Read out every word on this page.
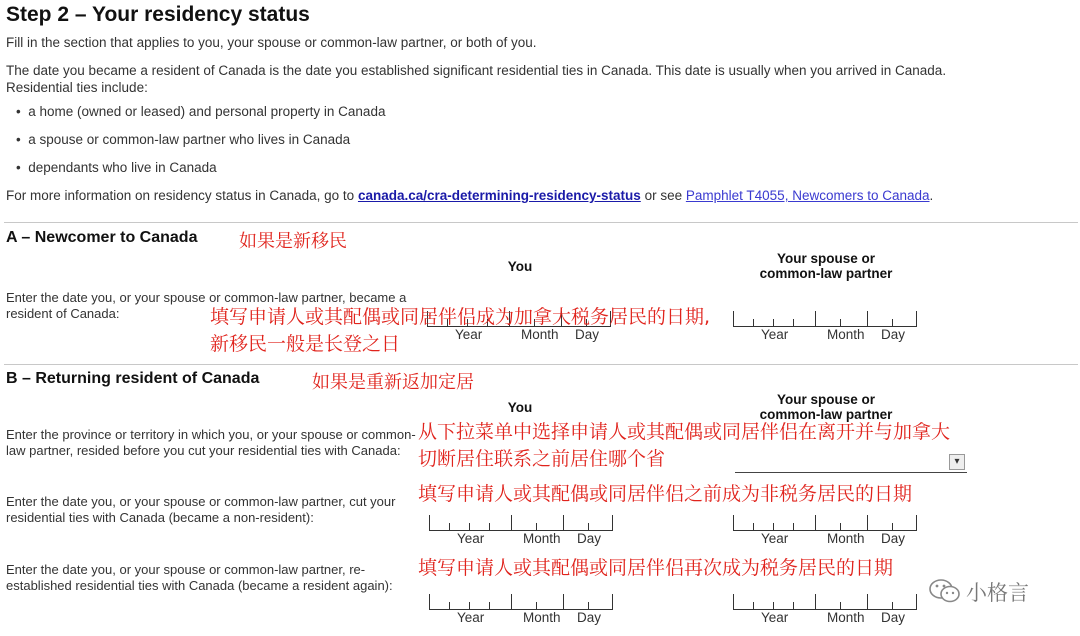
Step 2 – Your residency status
Fill in the section that applies to you, your spouse or common-law partner, or both of you.
The date you became a resident of Canada is the date you established significant residential ties in Canada. This date is usually when you arrived in Canada.
Residential ties include:
•  a home (owned or leased) and personal property in Canada
•  a spouse or common-law partner who lives in Canada
•  dependants who live in Canada
For more information on residency status in Canada, go to canada.ca/cra-determining-residency-status or see Pamphlet T4055, Newcomers to Canada.
A – Newcomer to Canada 如果是新移民
You
Your spouse or
common-law partner
Enter the date you, or your spouse or common-law partner, became a resident of Canada:
Year	Month Day
Year	Month Day
填写申请人或其配偶或同居伴侣成为加拿大税务居民的日期,
新移民一般是长登之日
B – Returning resident of Canada	如果是重新返加定居
You
Your spouse or
common-law partner
Enter the province or territory in which you, or your spouse or common-law partner, resided before you cut your residential ties with Canada:
▾
从下拉菜单中选择申请人或其配偶或同居伴侣在离开并与加拿大
切断居住联系之前居住哪个省
Enter the date you, or your spouse or common-law partner, cut your residential ties with Canada (became a non-resident):
Year	Month Day	Year	Month Day
填写申请人或其配偶或同居伴侣之前成为非税务居民的日期
Enter the date you, or your spouse or common-law partner, re-established residential ties with Canada (became a resident again):
Year	Month Day	Year	Month Day
填写申请人或其配偶或同居伴侣再次成为税务居民的日期
小格言
